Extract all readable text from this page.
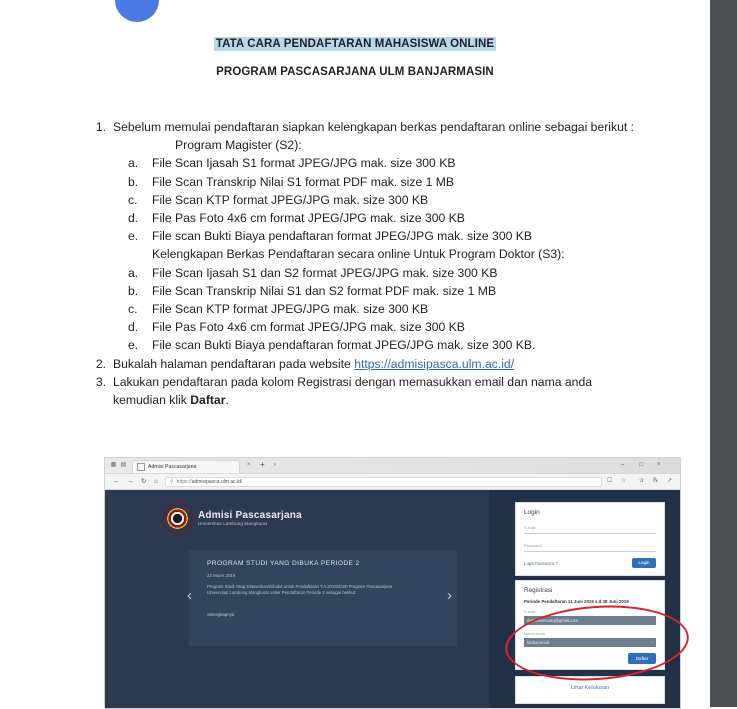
TATA CARA PENDAFTARAN MAHASISWA ONLINE
PROGRAM PASCASARJANA ULM BANJARMASIN
1. Sebelum memulai pendaftaran siapkan kelengkapan berkas pendaftaran online sebagai berikut :
Program Magister (S2):
a.	File Scan Ijasah S1 format JPEG/JPG mak. size 300 KB
b.	File Scan Transkrip Nilai S1 format PDF mak. size 1 MB
c.	File Scan KTP format JPEG/JPG mak. size 300 KB
d.	File Pas Foto 4x6 cm format JPEG/JPG mak. size 300 KB
e.	File scan Bukti Biaya pendaftaran format JPEG/JPG mak. size 300 KB
Kelengkapan Berkas Pendaftaran secara online Untuk Program Doktor (S3):
a.	File Scan Ijasah S1 dan S2 format JPEG/JPG mak. size 300 KB
b.	File Scan Transkrip Nilai S1 dan S2 format PDF mak. size 1 MB
c.	File Scan KTP format JPEG/JPG mak. size 300 KB
d.	File Pas Foto 4x6 cm format JPEG/JPG mak. size 300 KB
e.	File scan Bukti Biaya pendaftaran format JPEG/JPG mak. size 300 KB.
2. Bukalah halaman pendaftaran pada website https://admisipasca.ulm.ac.id/
3. Lakukan pendaftaran pada kolom Registrasi dengan memasukkan email dan nama anda
kemudian klik Daftar.
▦ ▤	Admisi Pascasarjana	× + ∨	– □ ×
← → ↻ ⌂ ⚲ https://admisipasca.ulm.ac.id/	☐ ☆ ✰ ℞ ↗
Admisi Pascasarjana
Universitas Lambung Mangkurat
PROGRAM STUDI YANG DIBUKA PERIODE 2
22 Maret 2019
Program Studi Yang Ditawarkan/Dibuka untuk Pendaftaran T.A 2019/2020 Program Pascasarjana Universitas Lambung Mangkurat untuk Pendaftaran Periode 2 sebagai berikut:
Selengkapnya
‹	›
Login
E-mail
Password
Lupa Password ?	Login
Registrasi
Periode Pendaftaran 11 Juni 2019 s.d 28 Juni 2019
E-mail
dalamsemuraq@gmail.com
Nama Anda
Mohammad	‹
Daftar
Lihat Kelulusan
